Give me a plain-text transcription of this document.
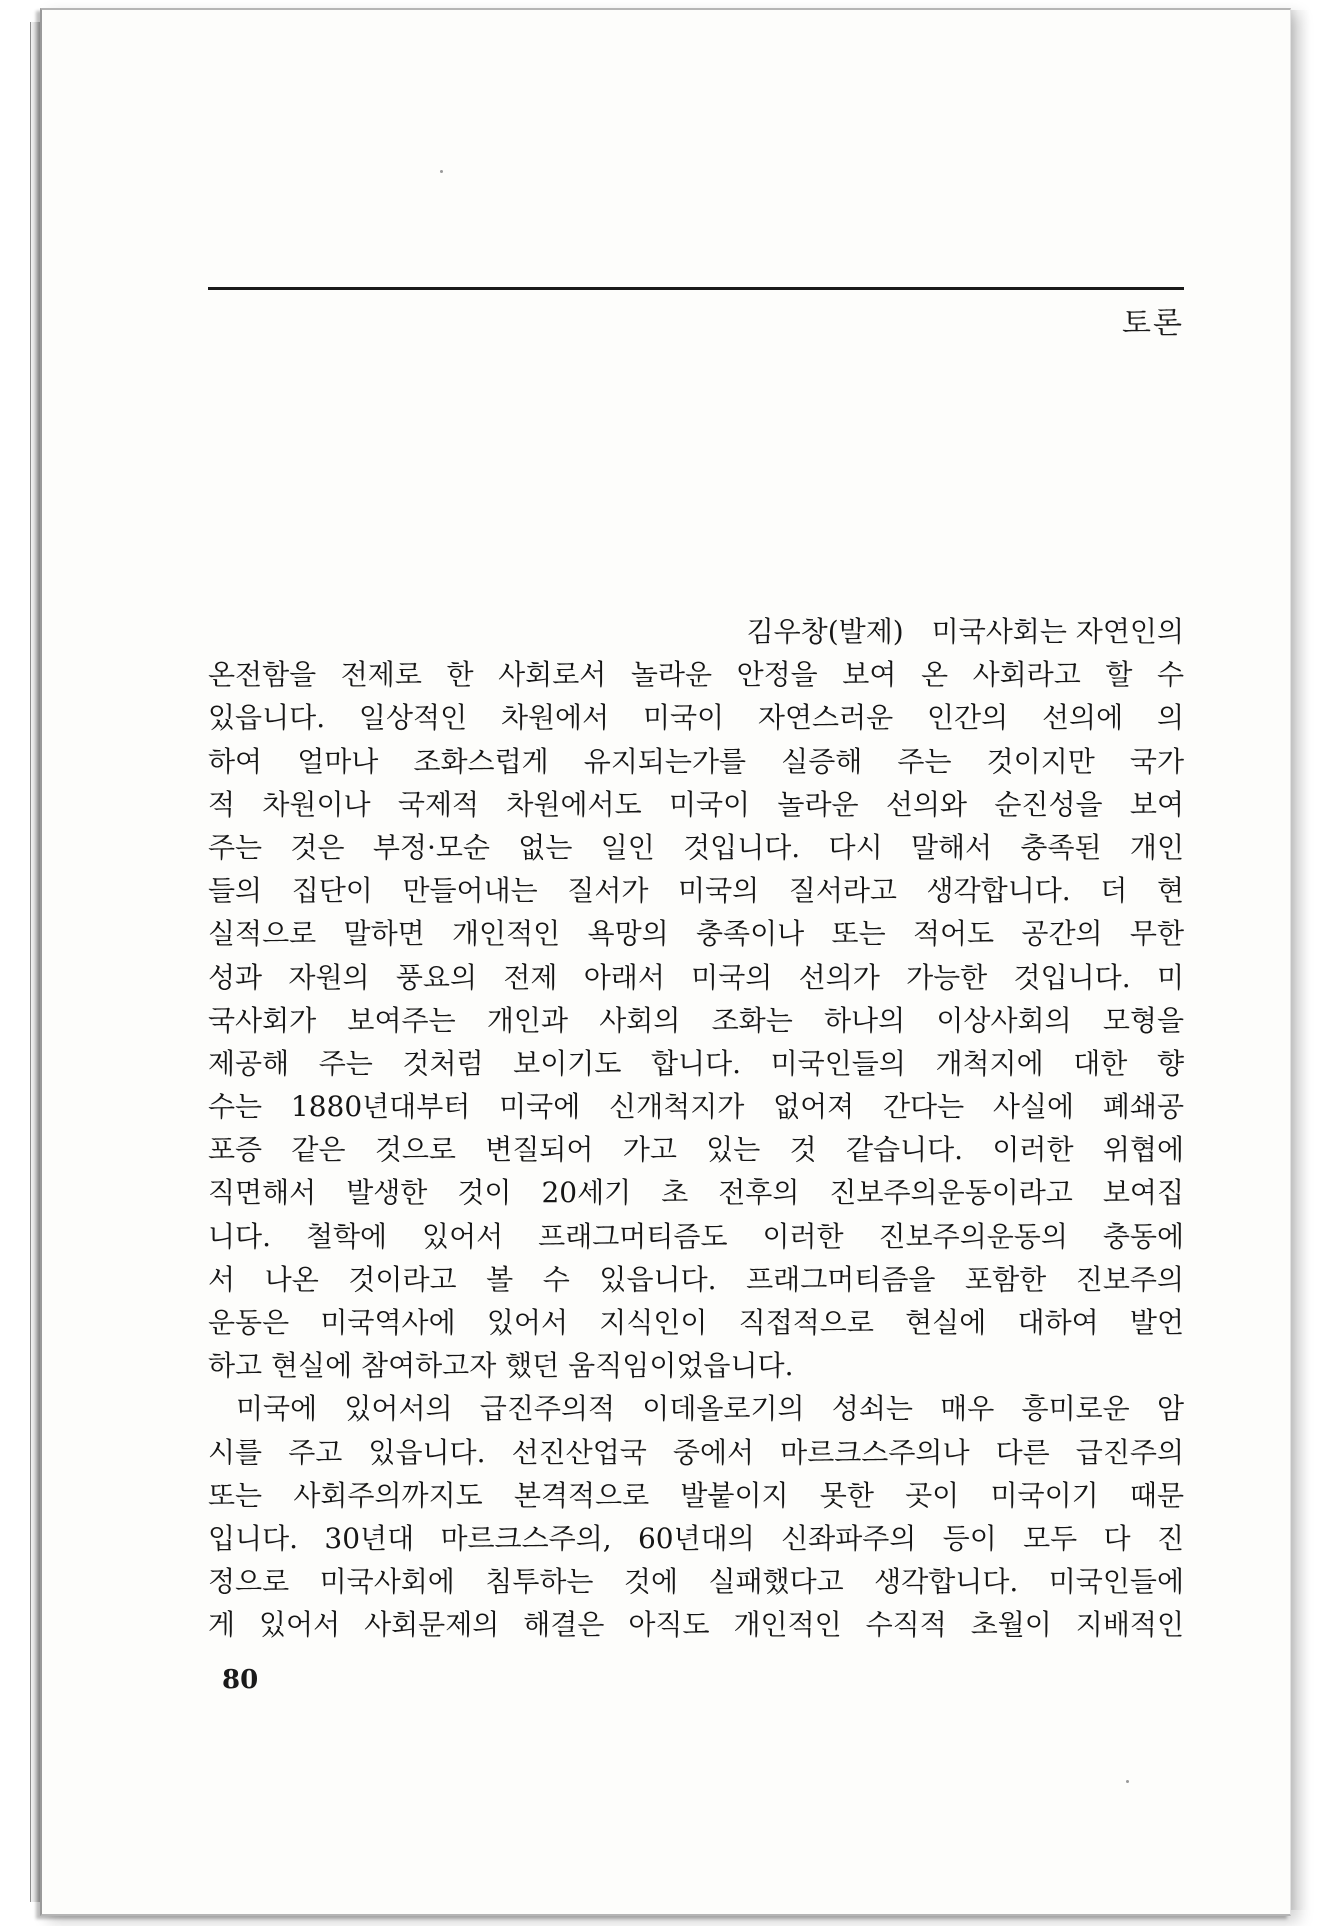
토론
김우창(발제)　미국사회는 자연인의
온전함을 전제로 한 사회로서 놀라운 안정을 보여 온 사회라고 할 수
있읍니다. 일상적인 차원에서 미국이 자연스러운 인간의 선의에 의
하여 얼마나 조화스럽게 유지되는가를 실증해 주는 것이지만 국가
적 차원이나 국제적 차원에서도 미국이 놀라운 선의와 순진성을 보여
주는 것은 부정·모순 없는 일인 것입니다. 다시 말해서 충족된 개인
들의 집단이 만들어내는 질서가 미국의 질서라고 생각합니다. 더 현
실적으로 말하면 개인적인 욕망의 충족이나 또는 적어도 공간의 무한
성과 자원의 풍요의 전제 아래서 미국의 선의가 가능한 것입니다. 미
국사회가 보여주는 개인과 사회의 조화는 하나의 이상사회의 모형을
제공해 주는 것처럼 보이기도 합니다. 미국인들의 개척지에 대한 향
수는 1880년대부터 미국에 신개척지가 없어져 간다는 사실에 폐쇄공
포증 같은 것으로 변질되어 가고 있는 것 같습니다. 이러한 위협에
직면해서 발생한 것이 20세기 초 전후의 진보주의운동이라고 보여집
니다. 철학에 있어서 프래그머티즘도 이러한 진보주의운동의 충동에
서 나온 것이라고 볼 수 있읍니다. 프래그머티즘을 포함한 진보주의
운동은 미국역사에 있어서 지식인이 직접적으로 현실에 대하여 발언
하고 현실에 참여하고자 했던 움직임이었읍니다.
미국에 있어서의 급진주의적 이데올로기의 성쇠는 매우 흥미로운 암
시를 주고 있읍니다. 선진산업국 중에서 마르크스주의나 다른 급진주의
또는 사회주의까지도 본격적으로 발붙이지 못한 곳이 미국이기 때문
입니다. 30년대 마르크스주의, 60년대의 신좌파주의 등이 모두 다 진
정으로 미국사회에 침투하는 것에 실패했다고 생각합니다. 미국인들에
게 있어서 사회문제의 해결은 아직도 개인적인 수직적 초월이 지배적인
80
